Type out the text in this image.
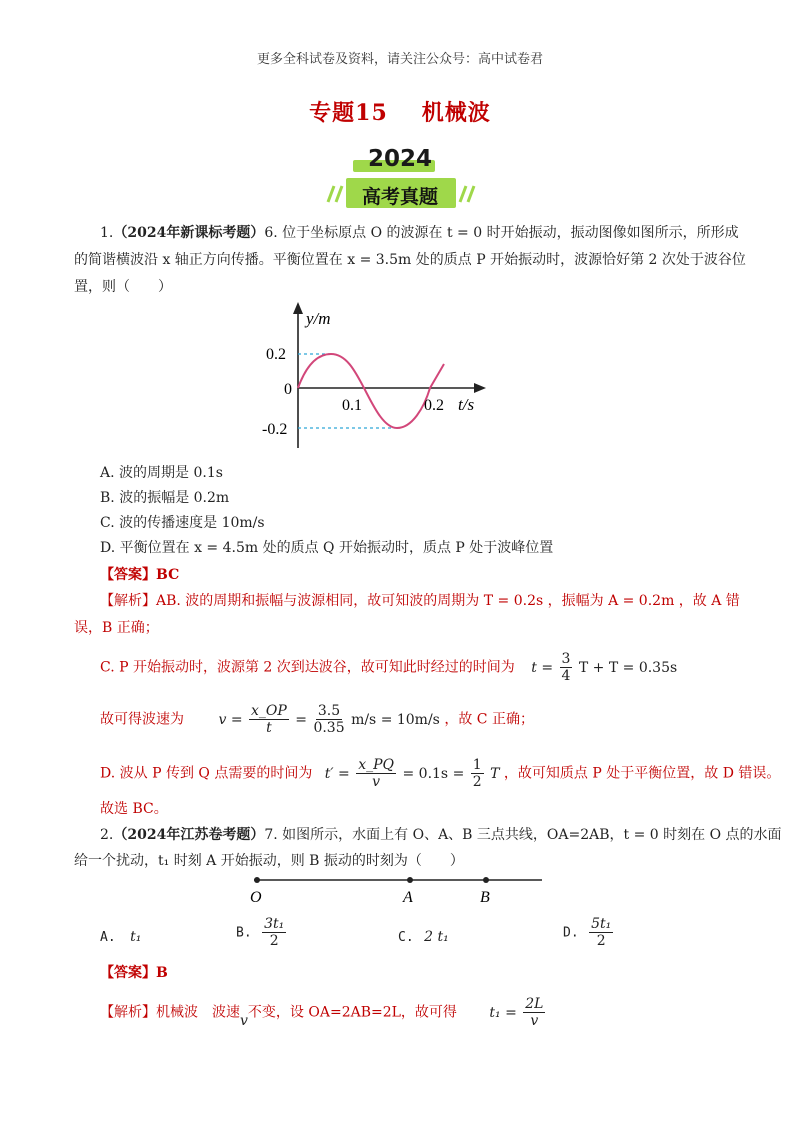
更多全科试卷及资料，请关注公众号：高中试卷君
专题15 机械波
2024
高考真题
1.（2024年新课标考题）6. 位于坐标原点 O 的波源在 t = 0 时开始振动，振动图像如图所示，所形成
的简谐横波沿 x 轴正方向传播。平衡位置在 x = 3.5m 处的质点 P 开始振动时，波源恰好第 2 次处于波谷位
置，则（　　）
y/m
t/s
0.2
0
-0.2
0.1	0.2
A. 波的周期是 0.1s
B. 波的振幅是 0.2m
C. 波的传播速度是 10m/s
D. 平衡位置在 x = 4.5m 处的质点 Q 开始振动时，质点 P 处于波峰位置
【答案】BC
【解析】AB. 波的周期和振幅与波源相同，故可知波的周期为 T = 0.2s ，振幅为 A = 0.2m ，故 A 错
误，B 正确；
C. P 开始振动时，波源第 2 次到达波谷，故可知此时经过的时间为 $t = \frac{3}{4}$ T + T = 0.35s
故可得波速为 $v = \frac{x\_OP}{t} = \frac{3.5}{0.35} m/s = 10m/s$ ，故 C 正确；
D. 波从 P 传到 Q 点需要的时间为 $t' = \frac{x\_PQ}{v} = 0.1s = \frac{1}{2}$ T ，故可知质点 P 处于平衡位置，故 D 错误。
故选 BC。
2.（2024年江苏卷考题）7. 如图所示，水面上有 O、A、B 三点共线，OA=2AB，t = 0 时刻在 O 点的水面
给一个扰动，t₁ 时刻 A 开始振动，则 B 振动的时刻为（　　）
O	A	B
A. t₁	B. $\frac{\text{3t₁}}{2}$	C. 2 t₁	D. $\frac{\text{5t₁}}{2}$
【答案】B
【解析】机械波　波速v不变，设 OA=2AB=2L，故可得 $t_1 = \frac{2L}{v}$
